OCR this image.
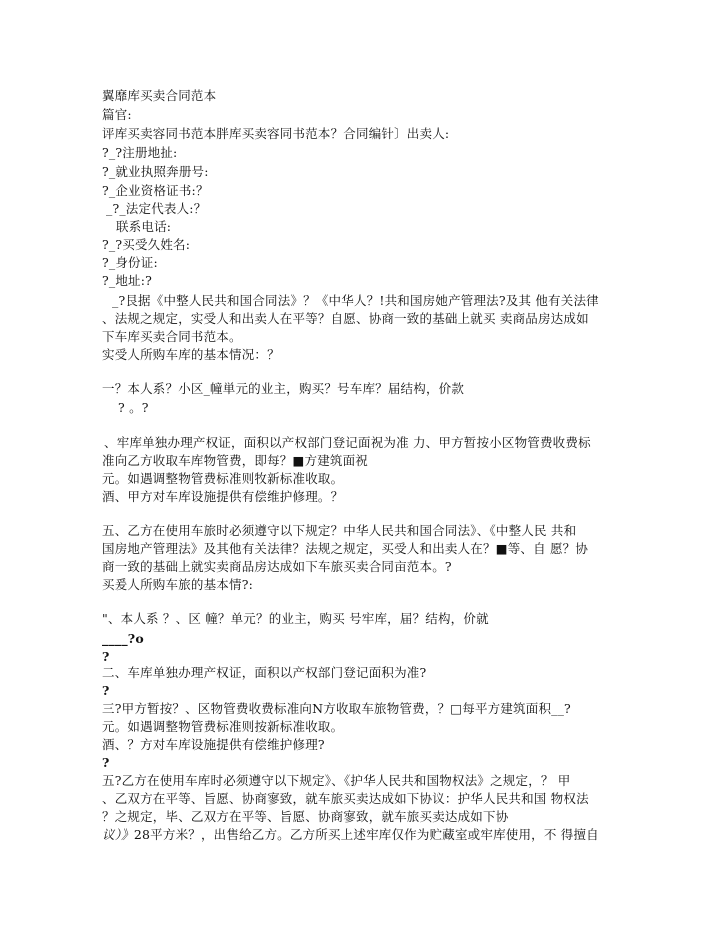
翼靡库买卖合同范本
篇官:
评库买卖容同书范本胖库买卖容同书范本？合同编针〕出卖人:
?_?注册地扯:
?_就业执照奔册号:
?_企业资格证书:？
_?_法定代表人:？
联系电话:
?_?买受久姓名:
?_身份证:
?_地址:?
_?艮据《中整人民共和国合同法》？《中华人？!共和国房她产管理法?及其 他有关法律
、法规之规定，实受人和出卖人在平等？自愿、协商一致的基础上就买 卖商品房达成如
下车库买卖合同书范本。
实受人所购车库的基本情况：？
一？本人系？小区_幢単元的业主，购买？号车库？届结构，价款
? 。?
、牢库单独办理产权证，面积以产权部门登记面祝为准 力、甲方暂按小区物管费收费标
准向乙方收取车库物管费，即每？■方建筑面祝
元。如遇调整物管费标准则牧新标准收取。
酒、甲方对车库设施提供有偿维护修理。？
五、乙方在使用车旅时必须遵守以下规定？中华人民共和国合同法》、《中整人民 共和
国房地产管理法》及其他有关法律？法规之规定，买受人和出卖人在？■等、自 愿？协
商一致的基础上就实卖商品房达成如下车旅买卖合同亩范本。?
买爰人所购车旅的基本情?:
"、本人系 ？、区 幢？单元？的业主，购买 号牢库，届？结构，价就
____?o
?
二、车库单独办理产权证，面积以产权部门登记面积为准?
?
三?甲方暂按？、区物管费收费标准向N方收取车旅物管费，？□每平方建筑面积__?
元。如遇调整物管费标准则按新标准收取。
酒、？方对车库设施提供有偿维护修理?
?
五?乙方在使用车库时必须遵守以下规定》、《护华人民共和国物权法》之规定，？ 甲
、乙双方在平等、旨愿、协商寥致，就车旅买卖达成如下协议：护华人民共和国 物权法
？之规定，毕、乙双方在平等、旨愿、协商寥致，就车旅买卖达成如下协
议）》28平方米？，出售给乙方。乙方所买上述牢库仅作为贮藏室或牢库使用，不 得擅自
